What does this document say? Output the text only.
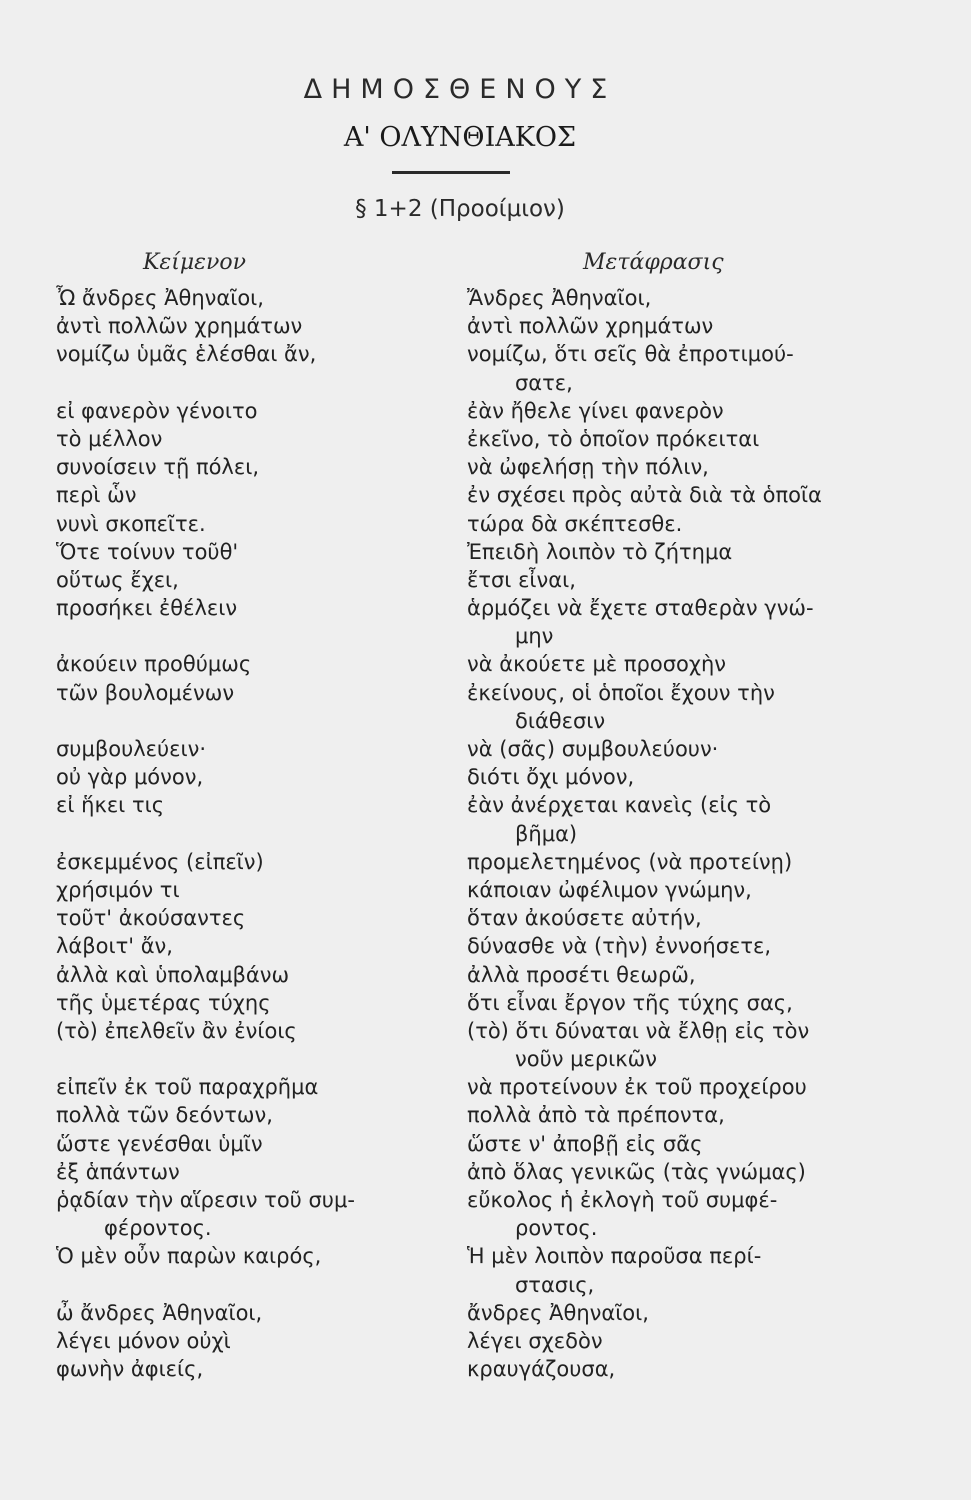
ΔΗΜΟΣΘΕΝΟΥΣ
Α' ΟΛΥΝΘΙΑΚΟΣ
§ 1+2 (Προοίμιον)
Κείμενον	Μετάφρασις
Ὦ ἄνδρες Ἀθηναῖοι,
ἀντὶ πολλῶν χρημάτων
νομίζω ὑμᾶς ἑλέσθαι ἄν,

εἰ φανερὸν γένοιτο
τὸ μέλλον
συνοίσειν τῇ πόλει,
περὶ ὧν
νυνὶ σκοπεῖτε.
Ὅτε τοίνυν τοῦθ'
οὕτως ἔχει,
προσήκει ἐθέλειν

ἀκούειν προθύμως
τῶν βουλομένων

συμβουλεύειν·
οὐ γὰρ μόνον,
εἰ ἥκει τις

ἐσκεμμένος (εἰπεῖν)
χρήσιμόν τι
τοῦτ' ἀκούσαντες
λάβοιτ' ἄν,
ἀλλὰ καὶ ὑπολαμβάνω
τῆς ὑμετέρας τύχης
(τὸ) ἐπελθεῖν ἂν ἐνίοις

εἰπεῖν ἐκ τοῦ παραχρῆμα
πολλὰ τῶν δεόντων,
ὥστε γενέσθαι ὑμῖν
ἐξ ἁπάντων
ῥᾳδίαν τὴν αἵρεσιν τοῦ συμ-
φέροντος.
Ὁ μὲν οὖν παρὼν καιρός,

ὦ ἄνδρες Ἀθηναῖοι,
λέγει μόνον οὐχὶ
φωνὴν ἀφιείς,
Ἄνδρες Ἀθηναῖοι,
ἀντὶ πολλῶν χρημάτων
νομίζω, ὅτι σεῖς θὰ ἐπροτιμού-
σατε,
ἐὰν ἤθελε γίνει φανερὸν
ἐκεῖνο, τὸ ὁποῖον πρόκειται
νὰ ὠφελήσῃ τὴν πόλιν,
ἐν σχέσει πρὸς αὐτὰ διὰ τὰ ὁποῖα
τώρα δὰ σκέπτεσθε.
Ἐπειδὴ λοιπὸν τὸ ζήτημα
ἔτσι εἶναι,
ἁρμόζει νὰ ἔχετε σταθερὰν γνώ-
μην
νὰ ἀκούετε μὲ προσοχὴν
ἐκείνους, οἱ ὁποῖοι ἔχουν τὴν
διάθεσιν
νὰ (σᾶς) συμβουλεύουν·
διότι ὄχι μόνον,
ἐὰν ἀνέρχεται κανεὶς (εἰς τὸ
βῆμα)
προμελετημένος (νὰ προτείνῃ)
κάποιαν ὠφέλιμον γνώμην,
ὅταν ἀκούσετε αὐτήν,
δύνασθε νὰ (τὴν) ἐννοήσετε,
ἀλλὰ προσέτι θεωρῶ,
ὅτι εἶναι ἔργον τῆς τύχης σας,
(τὸ) ὅτι δύναται νὰ ἔλθῃ εἰς τὸν
νοῦν μερικῶν
νὰ προτείνουν ἐκ τοῦ προχείρου
πολλὰ ἀπὸ τὰ πρέποντα,
ὥστε ν' ἀποβῇ εἰς σᾶς
ἀπὸ ὅλας γενικῶς (τὰς γνώμας)
εὔκολος ἡ ἐκλογὴ τοῦ συμφέ-
ροντος.
Ἡ μὲν λοιπὸν παροῦσα περί-
στασις,
ἄνδρες Ἀθηναῖοι,
λέγει σχεδὸν
κραυγάζουσα,
